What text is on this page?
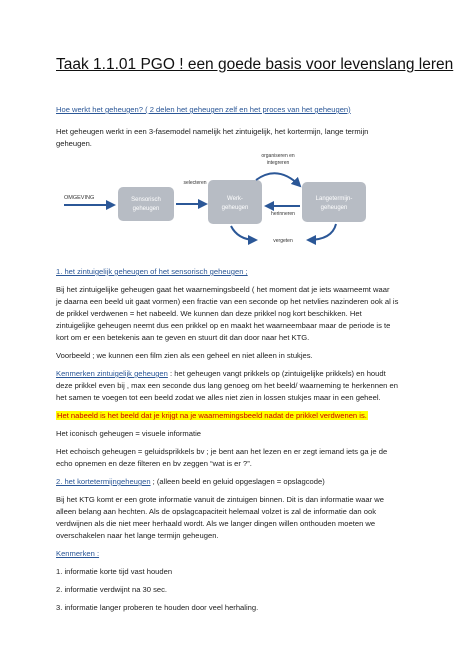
Taak 1.1.01 PGO ! een goede basis voor levenslang leren
Hoe werkt het geheugen? ( 2 delen het geheugen zelf en het proces van het geheugen)
Het geheugen werkt in een 3-fasemodel namelijk het zintuigelijk, het kortermijn, lange termijn
geheugen.
OMGEVING	Sensorisch
geheugen
selecteren
Werk-
geheugen
organiseren en
integreren
herinneren
Langetermijn-
geheugen
vergeten
1. het zintuigelijk geheugen of het sensorisch geheugen ;
Bij het zintuigelijke geheugen gaat het waarnemingsbeeld ( het moment dat je iets waarneemt waar
je daarna een beeld uit gaat vormen) een fractie van een seconde op het netvlies nazinderen ook al is
de prikkel verdwenen = het nabeeld. We kunnen dan deze prikkel nog kort beschikken. Het
zintuigelijke geheugen neemt dus een prikkel op en maakt het waarneembaar maar de periode is te
kort om er een betekenis aan te geven en stuurt dit dan door naar het KTG.
Voorbeeld ; we kunnen een film zien als een geheel en niet alleen in stukjes.
Kenmerken zintuigelijk geheugen : het geheugen vangt prikkels op (zintuigelijke prikkels) en houdt
deze prikkel even bij , max een seconde dus lang genoeg om het beeld/ waarneming te herkennen en
het samen te voegen tot een beeld zodat we alles niet zien in lossen stukjes maar in een geheel.
Het nabeeld is het beeld dat je krijgt na je waarnemingsbeeld nadat de prikkel verdwenen is.
Het iconisch geheugen = visuele informatie
Het echoisch geheugen = geluidsprikkels bv ; je bent aan het lezen en er zegt iemand iets ga je de
echo opnemen en deze filteren en bv zeggen “wat is er ?”.
2. het kortetermijngeheugen ; (alleen beeld en geluid opgeslagen = opslagcode)
Bij het KTG komt er een grote informatie vanuit de zintuigen binnen. Dit is dan informatie waar we
alleen belang aan hechten. Als de opslagcapaciteit helemaal volzet is zal de informatie dan ook
verdwijnen als die niet meer herhaald wordt. Als we langer dingen willen onthouden moeten we
overschakelen naar het lange termijn geheugen.
Kenmerken :
1. informatie korte tijd vast houden
2. informatie verdwijnt na 30 sec.
3. informatie langer proberen te houden door veel herhaling.
